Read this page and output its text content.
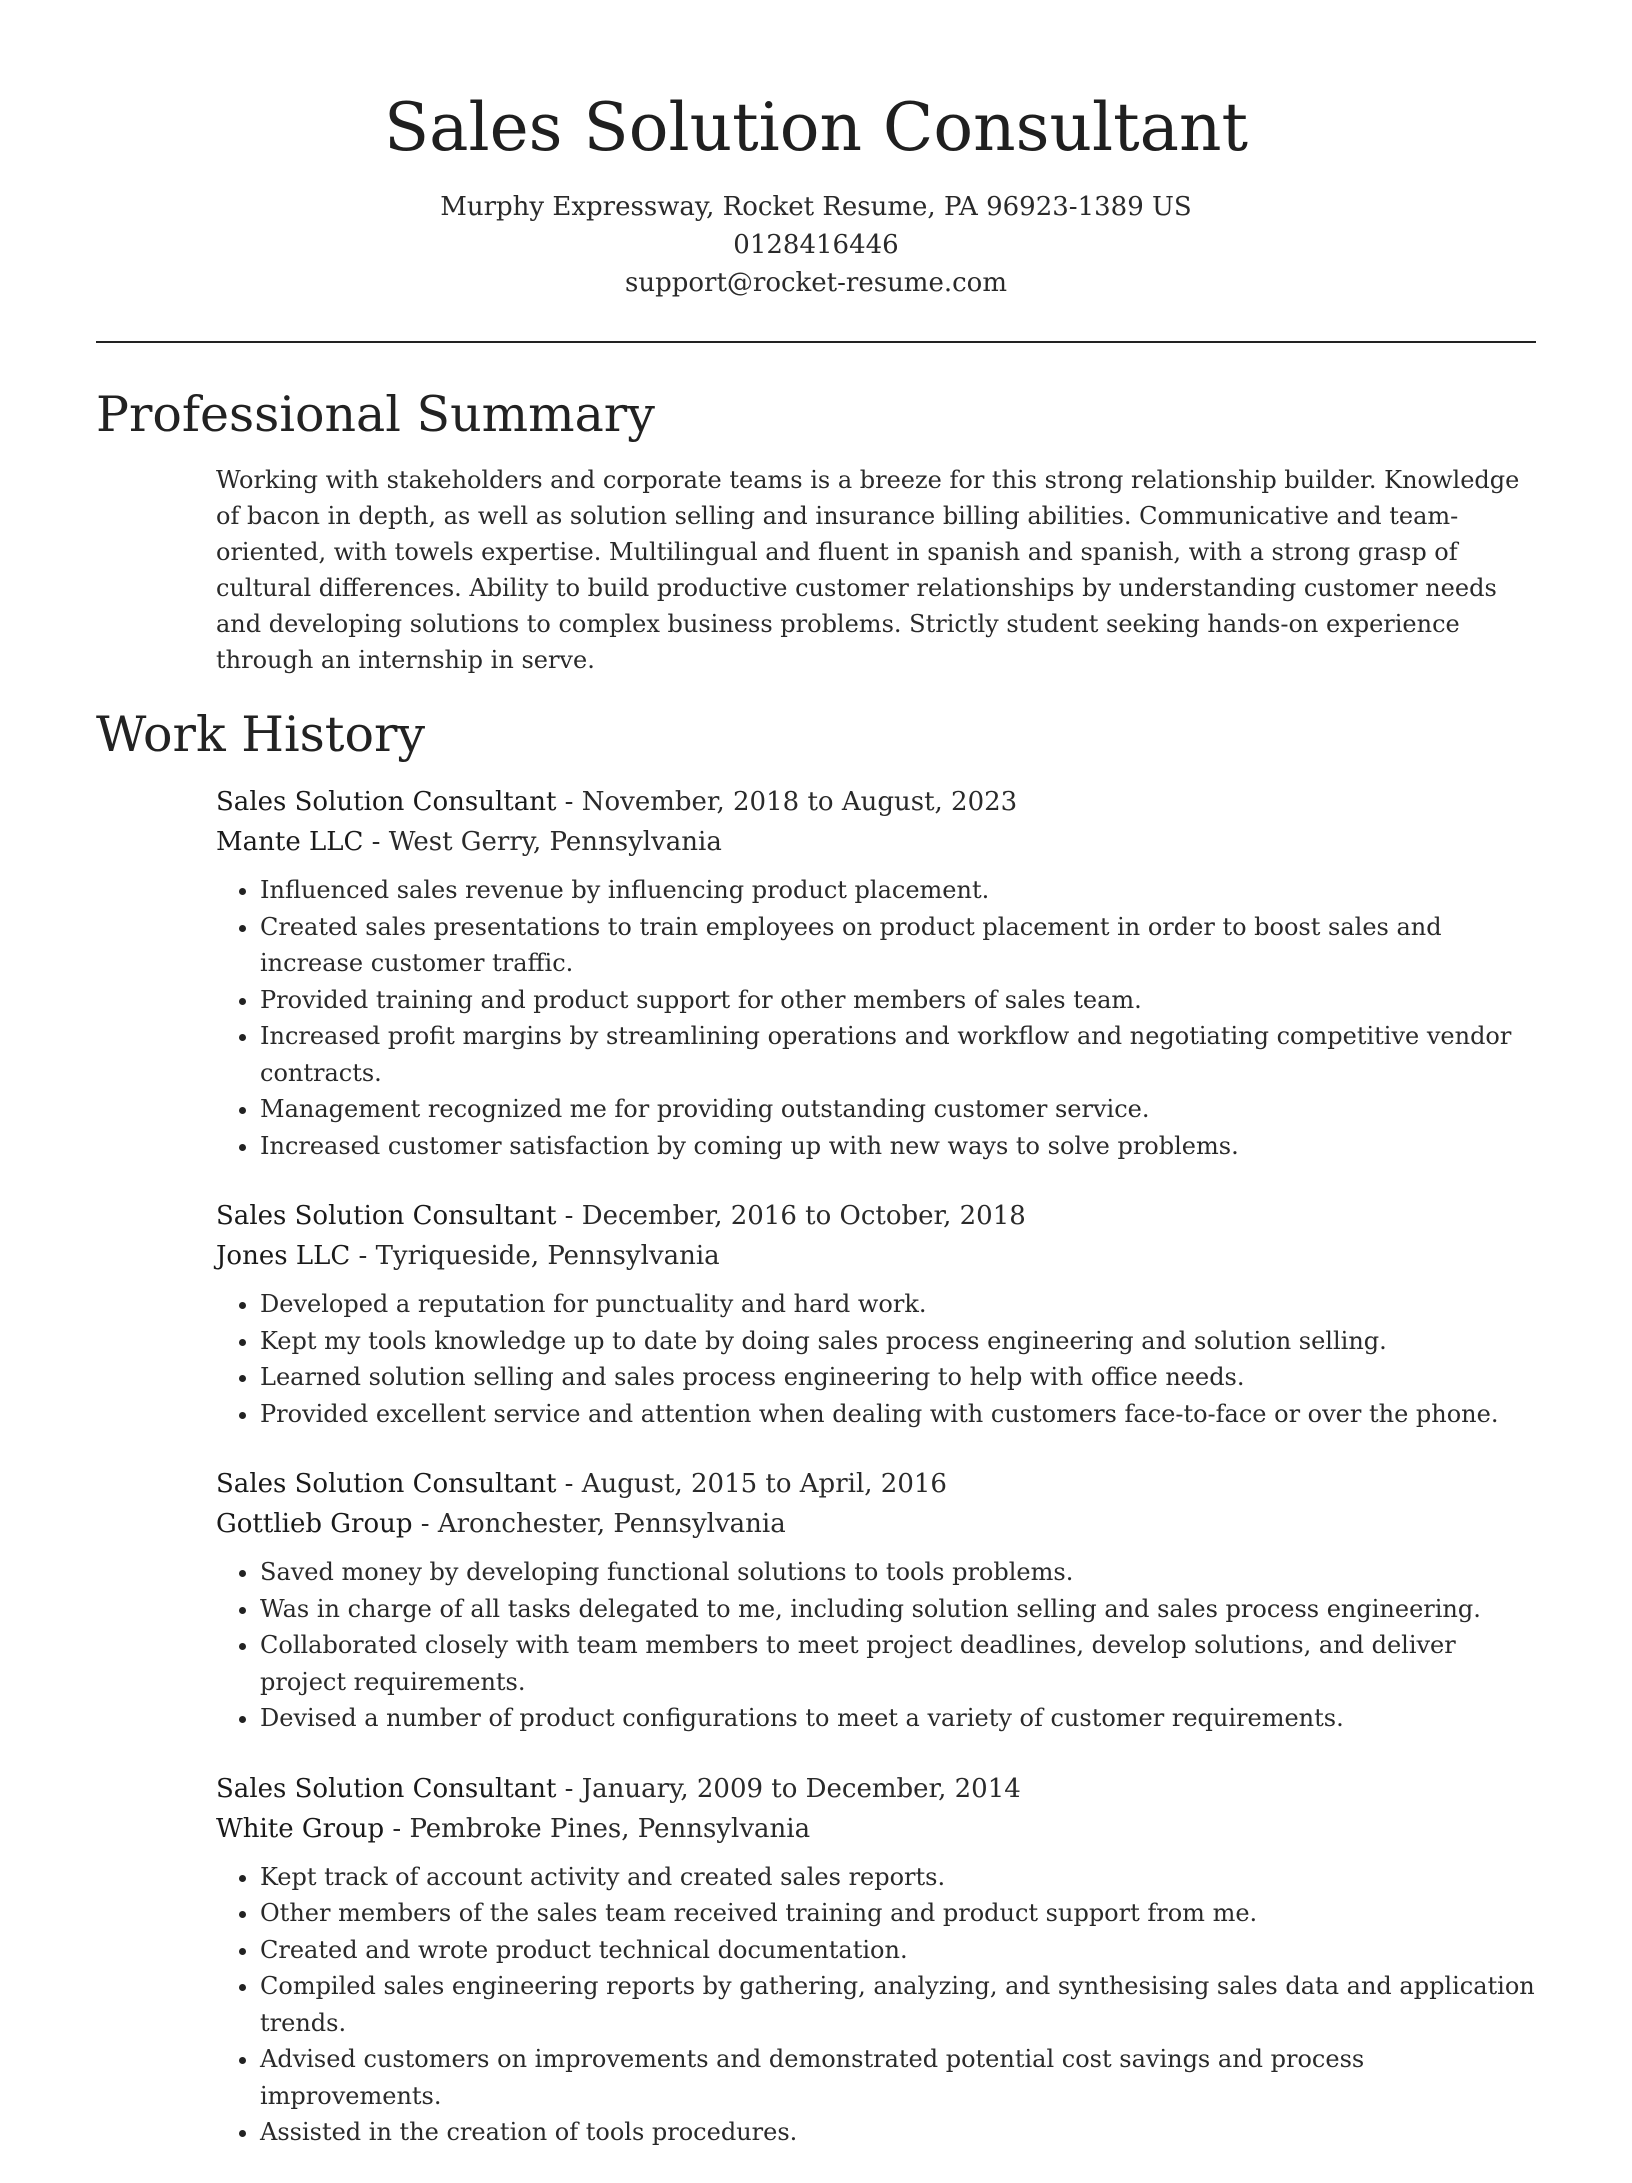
Sales Solution Consultant
Murphy Expressway, Rocket Resume, PA 96923-1389 US
0128416446
support@rocket-resume.com
Professional Summary
Working with stakeholders and corporate teams is a breeze for this strong relationship builder. Knowledge of bacon in depth, as well as solution selling and insurance billing abilities. Communicative and team-oriented, with towels expertise. Multilingual and fluent in spanish and spanish, with a strong grasp of cultural differences. Ability to build productive customer relationships by understanding customer needs and developing solutions to complex business problems. Strictly student seeking hands-on experience through an internship in serve.
Work History
Sales Solution Consultant - November, 2018 to August, 2023
Mante LLC - West Gerry, Pennsylvania
• Influenced sales revenue by influencing product placement.
• Created sales presentations to train employees on product placement in order to boost sales and increase customer traffic.
• Provided training and product support for other members of sales team.
• Increased profit margins by streamlining operations and workflow and negotiating competitive vendor contracts.
• Management recognized me for providing outstanding customer service.
• Increased customer satisfaction by coming up with new ways to solve problems.
Sales Solution Consultant - December, 2016 to October, 2018
Jones LLC - Tyriqueside, Pennsylvania
• Developed a reputation for punctuality and hard work.
• Kept my tools knowledge up to date by doing sales process engineering and solution selling.
• Learned solution selling and sales process engineering to help with office needs.
• Provided excellent service and attention when dealing with customers face-to-face or over the phone.
Sales Solution Consultant - August, 2015 to April, 2016
Gottlieb Group - Aronchester, Pennsylvania
• Saved money by developing functional solutions to tools problems.
• Was in charge of all tasks delegated to me, including solution selling and sales process engineering.
• Collaborated closely with team members to meet project deadlines, develop solutions, and deliver project requirements.
• Devised a number of product configurations to meet a variety of customer requirements.
Sales Solution Consultant - January, 2009 to December, 2014
White Group - Pembroke Pines, Pennsylvania
• Kept track of account activity and created sales reports.
• Other members of the sales team received training and product support from me.
• Created and wrote product technical documentation.
• Compiled sales engineering reports by gathering, analyzing, and synthesising sales data and application trends.
• Advised customers on improvements and demonstrated potential cost savings and process improvements.
• Assisted in the creation of tools procedures.
